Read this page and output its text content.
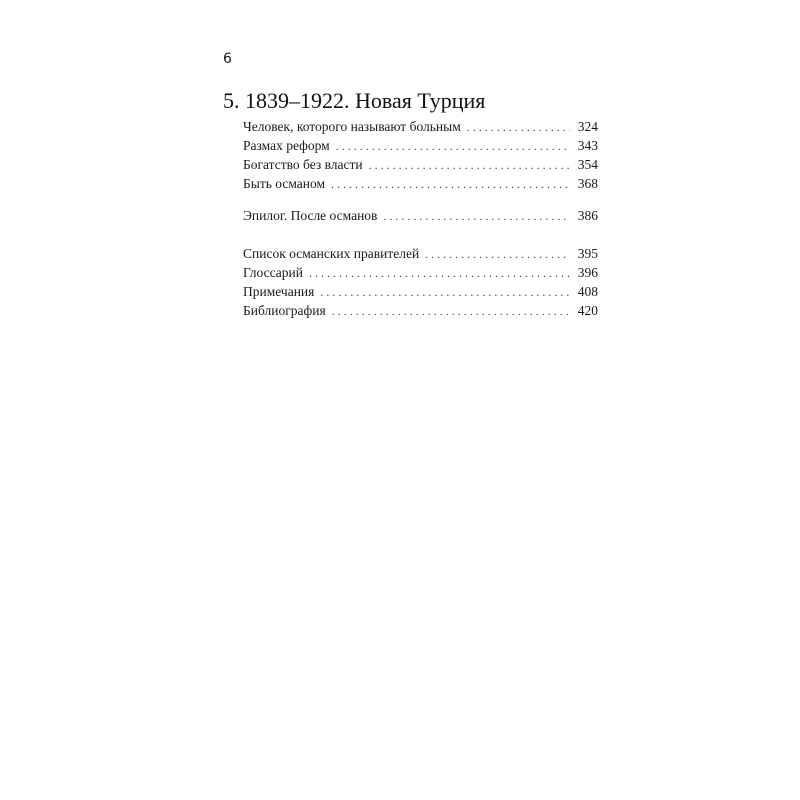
6
5. 1839–1922. Новая Турция
Человек, которого называют больным . . .	324
Размах реформ . . .	343
Богатство без власти . . .	354
Быть османом . . .	368
Эпилог. После османов . . .	386
Список османских правителей . . .	395
Глоссарий . . .	396
Примечания . . .	408
Библиография . . .	420
